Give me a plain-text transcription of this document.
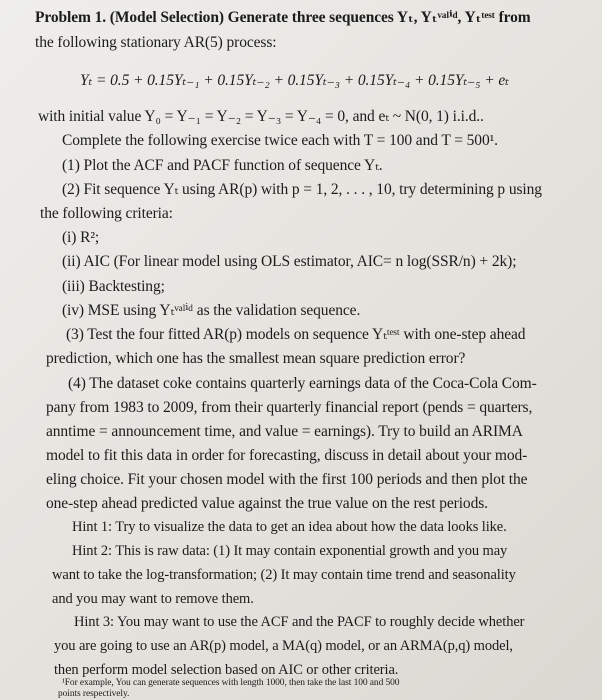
Problem 1. (Model Selection) Generate three sequences Yₜ, Yₜᵛᵃˡⁱᵈ, Yₜᵗᵉˢᵗ from
the following stationary AR(5) process:
Yₜ = 0.5 + 0.15Yₜ₋₁ + 0.15Yₜ₋₂ + 0.15Yₜ₋₃ + 0.15Yₜ₋₄ + 0.15Yₜ₋₅ + eₜ
with initial value Y₀ = Y₋₁ = Y₋₂ = Y₋₃ = Y₋₄ = 0, and eₜ ~ N(0, 1) i.i.d..
Complete the following exercise twice each with T = 100 and T = 500¹.
(1) Plot the ACF and PACF function of sequence Yₜ.
(2) Fit sequence Yₜ using AR(p) with p = 1, 2, . . . , 10, try determining p using
the following criteria:
(i) R²;
(ii) AIC (For linear model using OLS estimator, AIC= n log(SSR/n) + 2k);
(iii) Backtesting;
(iv) MSE using Yₜᵛᵃˡⁱᵈ as the validation sequence.
(3) Test the four fitted AR(p) models on sequence Yₜᵗᵉˢᵗ with one-step ahead
prediction, which one has the smallest mean square prediction error?
(4) The dataset coke contains quarterly earnings data of the Coca-Cola Com-
pany from 1983 to 2009, from their quarterly financial report (pends = quarters,
anntime = announcement time, and value = earnings). Try to build an ARIMA
model to fit this data in order for forecasting, discuss in detail about your mod-
eling choice. Fit your chosen model with the first 100 periods and then plot the
one-step ahead predicted value against the true value on the rest periods.
Hint 1: Try to visualize the data to get an idea about how the data looks like.
Hint 2: This is raw data: (1) It may contain exponential growth and you may
want to take the log-transformation; (2) It may contain time trend and seasonality
and you may want to remove them.
Hint 3: You may want to use the ACF and the PACF to roughly decide whether
you are going to use an AR(p) model, a MA(q) model, or an ARMA(p,q) model,
then perform model selection based on AIC or other criteria.
¹For example, You can generate sequences with length 1000, then take the last 100 and 500
points respectively.
